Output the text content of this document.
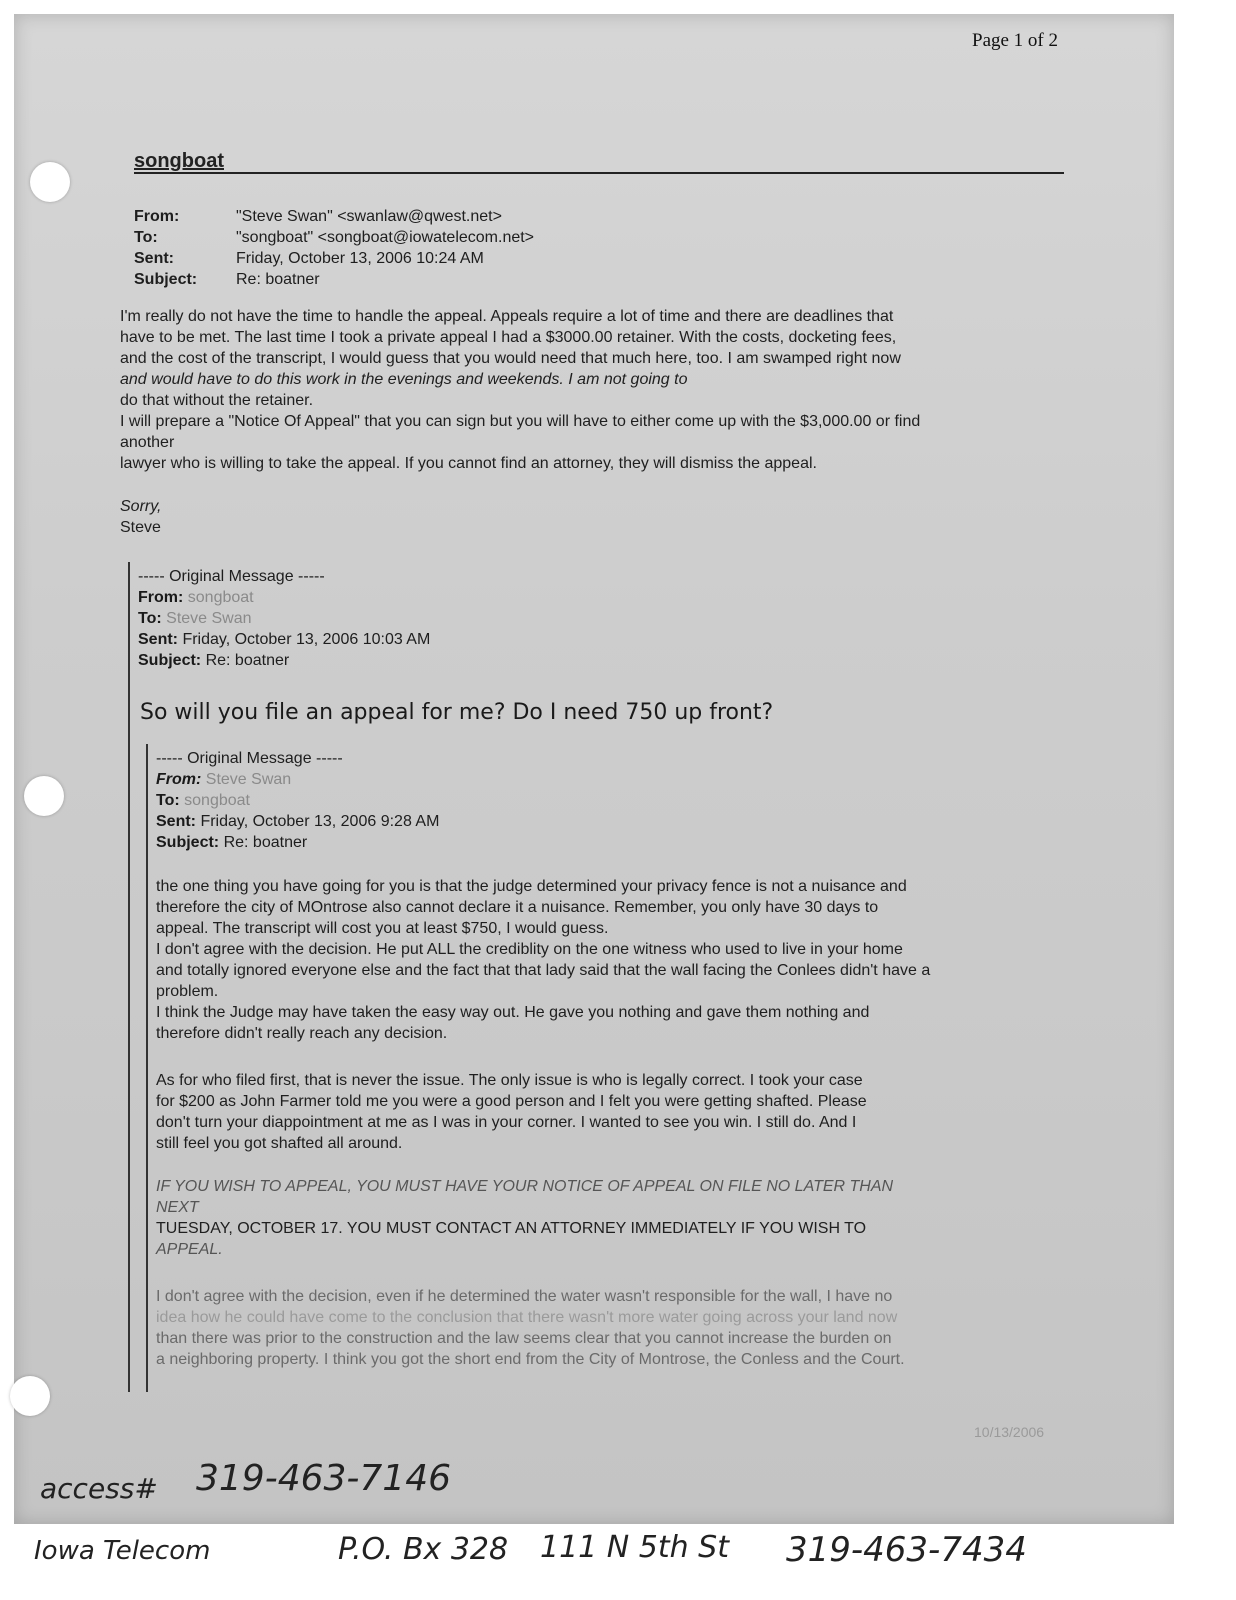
Page 1 of 2
songboat
From:	"Steve Swan" <swanlaw@qwest.net>
To:	"songboat" <songboat@iowatelecom.net>
Sent:	Friday, October 13, 2006 10:24 AM
Subject: Re: boatner

I'm really do not have the time to handle the appeal. Appeals require a lot of time and there are deadlines that

have to be met. The last time I took a private appeal I had a $3000.00 retainer. With the costs, docketing fees,

and the cost of the transcript, I would guess that you would need that much here, too. I am swamped right now

and would have to do this work in the evenings and weekends. I am not going to

do that without the retainer.

I will prepare a "Notice Of Appeal" that you can sign but you will have to either come up with the $3,000.00 or find

another

lawyer who is willing to take the appeal. If you cannot find an attorney, they will dismiss the appeal.

Sorry,

Steve

----- Original Message -----
From: songboat
To: Steve Swan
Sent: Friday, October 13, 2006 10:03 AM
Subject: Re: boatner
So will you file an appeal for me? Do I need 750 up front?
----- Original Message -----
From: Steve Swan
To: songboat
Sent: Friday, October 13, 2006 9:28 AM
Subject: Re: boatner

the one thing you have going for you is that the judge determined your privacy fence is not a nuisance and

therefore the city of MOntrose also cannot declare it a nuisance. Remember, you only have 30 days to

appeal. The transcript will cost you at least $750, I would guess.

I don't agree with the decision. He put ALL the crediblity on the one witness who used to live in your home

and totally ignored everyone else and the fact that that lady said that the wall facing the Conlees didn't have a

problem.

I think the Judge may have taken the easy way out. He gave you nothing and gave them nothing and

therefore didn't really reach any decision.

As for who filed first, that is never the issue. The only issue is who is legally correct. I took your case

for $200 as John Farmer told me you were a good person and I felt you were getting shafted. Please

don't turn your diappointment at me as I was in your corner. I wanted to see you win. I still do. And I

still feel you got shafted all around.

IF YOU WISH TO APPEAL, YOU MUST HAVE YOUR NOTICE OF APPEAL ON FILE NO LATER THAN

NEXT

TUESDAY, OCTOBER 17. YOU MUST CONTACT AN ATTORNEY IMMEDIATELY IF YOU WISH TO

APPEAL.

I don't agree with the decision, even if he determined the water wasn't responsible for the wall, I have no

idea how he could have come to the conclusion that there wasn't more water going across your land now

than there was prior to the construction and the law seems clear that you cannot increase the burden on

a neighboring property. I think you got the short end from the City of Montrose, the Conless and the Court.

10/13/2006
access# 319-463-7146
Iowa Telecom	P.O. Bx 328 111 N 5th St 319-463-7434
